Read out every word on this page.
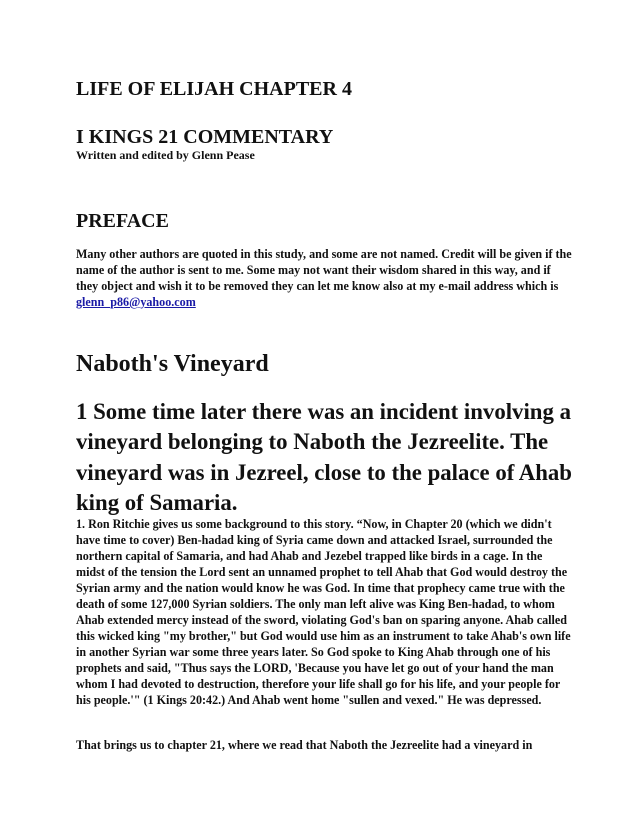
LIFE OF ELIJAH CHAPTER 4
I KINGS 21 COMMENTARY
Written and edited by Glenn Pease
PREFACE

Many other authors are quoted in this study, and some are not named. Credit will be given if the name of the author is sent to me. Some may not want their wisdom shared in this way, and if they object and wish it to be removed they can let me know also at my e-mail address which is glenn_p86@yahoo.com

Naboth's Vineyard

1 Some time later there was an incident involving a vineyard belonging to Naboth the Jezreelite. The vineyard was in Jezreel, close to the palace of Ahab king of Samaria.

1. Ron Ritchie gives us some background to this story. “Now, in Chapter 20 (which we didn't have time to cover) Ben-hadad king of Syria came down and attacked Israel, surrounded the northern capital of Samaria, and had Ahab and Jezebel trapped like birds in a cage. In the midst of the tension the Lord sent an unnamed prophet to tell Ahab that God would destroy the Syrian army and the nation would know he was God. In time that prophecy came true with the death of some 127,000 Syrian soldiers. The only man left alive was King Ben-hadad, to whom Ahab extended mercy instead of the sword, violating God's ban on sparing anyone. Ahab called this wicked king "my brother," but God would use him as an instrument to take Ahab's own life in another Syrian war some three years later. So God spoke to King Ahab through one of his prophets and said, "Thus says the LORD, 'Because you have let go out of your hand the man whom I had devoted to destruction, therefore your life shall go for his life, and your people for his people.'" (1 Kings 20:42.) And Ahab went home "sullen and vexed." He was depressed.

That brings us to chapter 21, where we read that Naboth the Jezreelite had a vineyard in
